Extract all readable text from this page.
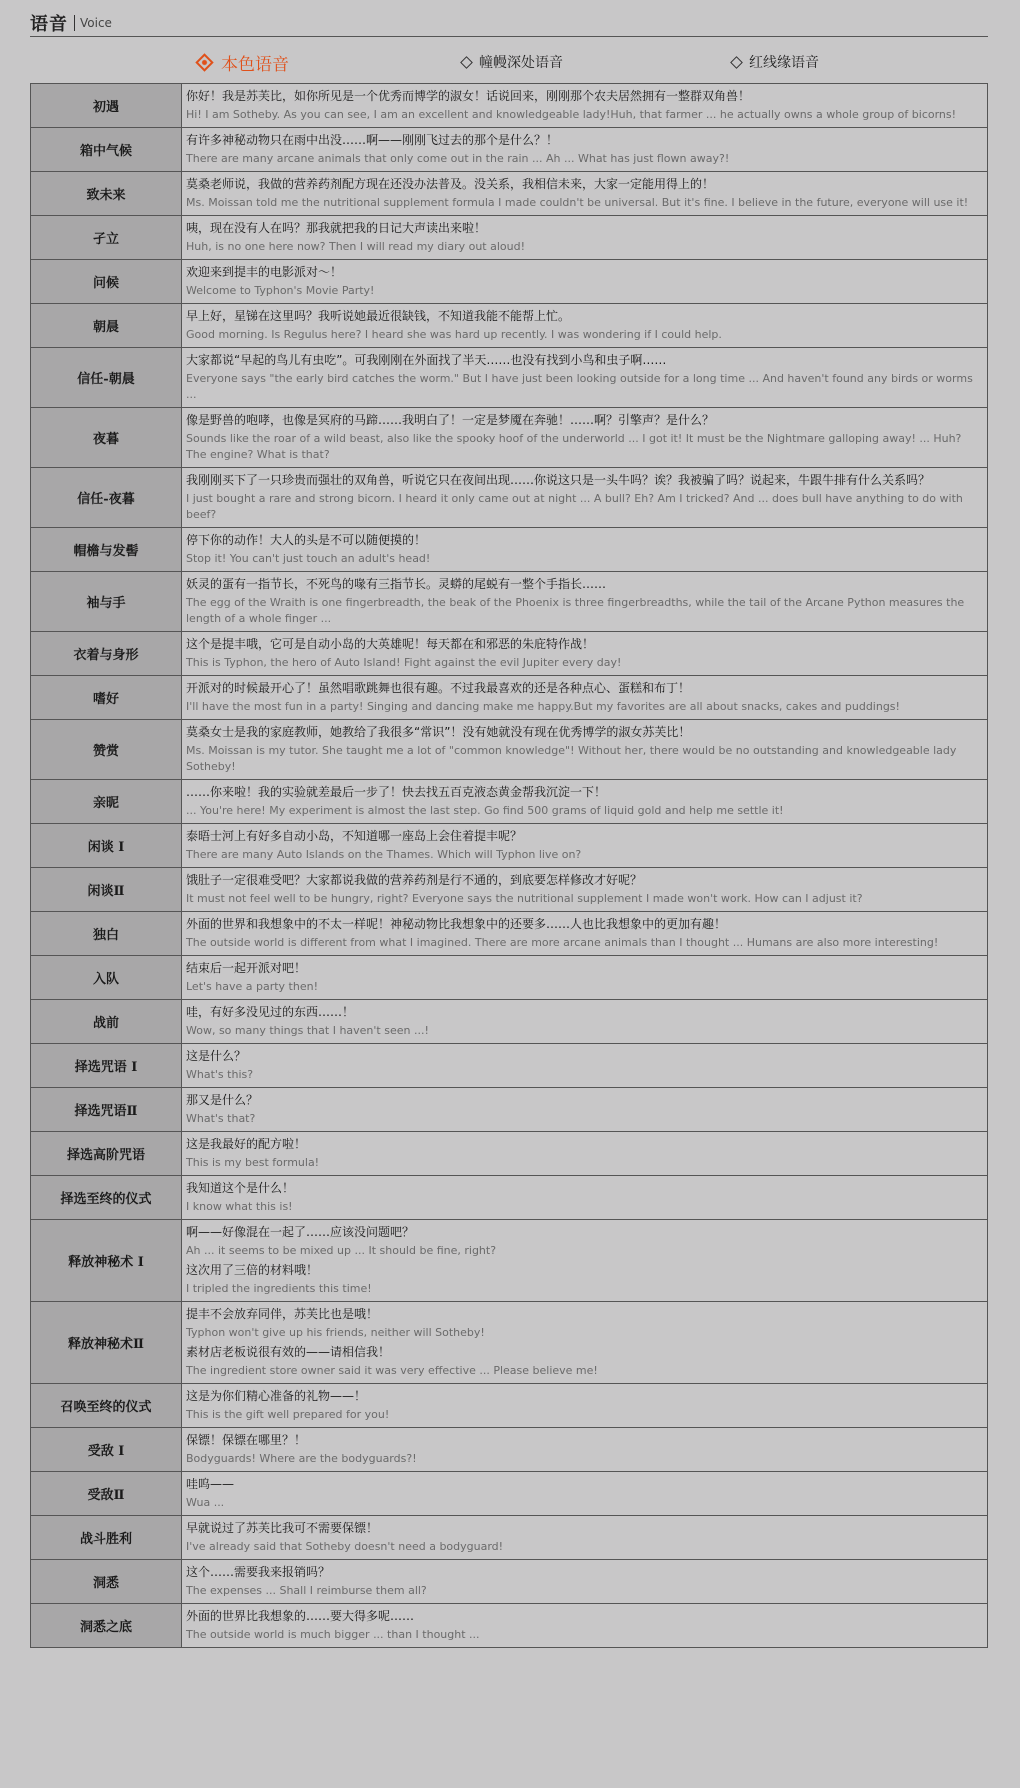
语音 Voice
本色语音	幢幔深处语音	红线缘语音
初遇	你好！我是苏芙比，如你所见是一个优秀而博学的淑女！话说回来，刚刚那个农夫居然拥有一整群双角兽！
Hi! I am Sotheby. As you can see, I am an excellent and knowledgeable lady!Huh, that farmer ... he actually owns a whole group of bicorns!

箱中气候	有许多神秘动物只在雨中出没……啊——刚刚飞过去的那个是什么？！
There are many arcane animals that only come out in the rain ... Ah ... What has just flown away?!

致未来	莫桑老师说，我做的营养药剂配方现在还没办法普及。没关系，我相信未来，大家一定能用得上的！
Ms. Moissan told me the nutritional supplement formula I made couldn't be universal. But it's fine. I believe in the future, everyone will use it!

孑立	咦，现在没有人在吗？那我就把我的日记大声读出来啦！
Huh, is no one here now? Then I will read my diary out aloud!

问候	欢迎来到提丰的电影派对～！
Welcome to Typhon's Movie Party!

朝晨	早上好，星锑在这里吗？我听说她最近很缺钱，不知道我能不能帮上忙。
Good morning. Is Regulus here? I heard she was hard up recently. I was wondering if I could help.

信任-朝晨	大家都说“早起的鸟儿有虫吃”。可我刚刚在外面找了半天……也没有找到小鸟和虫子啊……
Everyone says "the early bird catches the worm." But I have just been looking outside for a long time ... And haven't found any birds or worms ...

夜暮	像是野兽的咆哮，也像是冥府的马蹄……我明白了！一定是梦魇在奔驰！……啊？引擎声？是什么？
Sounds like the roar of a wild beast, also like the spooky hoof of the underworld ... I got it! It must be the Nightmare galloping away! ... Huh? The engine? What is that?

信任-夜暮	我刚刚买下了一只珍贵而强壮的双角兽，听说它只在夜间出现……你说这只是一头牛吗？诶？我被骗了吗？说起来，牛跟牛排有什么关系吗？
I just bought a rare and strong bicorn. I heard it only came out at night ... A bull? Eh? Am I tricked? And ... does bull have anything to do with beef?

帽檐与发髻	停下你的动作！大人的头是不可以随便摸的！
Stop it! You can't just touch an adult's head!

袖与手	妖灵的蛋有一指节长，不死鸟的喙有三指节长。灵蟒的尾蜕有一整个手指长……
The egg of the Wraith is one fingerbreadth, the beak of the Phoenix is three fingerbreadths, while the tail of the Arcane Python measures the length of a whole finger ...

衣着与身形	这个是提丰哦，它可是自动小岛的大英雄呢！每天都在和邪恶的朱庇特作战！
This is Typhon, the hero of Auto Island! Fight against the evil Jupiter every day!

嗜好	开派对的时候最开心了！虽然唱歌跳舞也很有趣。不过我最喜欢的还是各种点心、蛋糕和布丁！
I'll have the most fun in a party! Singing and dancing make me happy.But my favorites are all about snacks, cakes and puddings!

赞赏	莫桑女士是我的家庭教师，她教给了我很多“常识”！没有她就没有现在优秀博学的淑女苏芙比！
Ms. Moissan is my tutor. She taught me a lot of "common knowledge"! Without her, there would be no outstanding and knowledgeable lady Sotheby!

亲昵	……你来啦！我的实验就差最后一步了！快去找五百克液态黄金帮我沉淀一下！
... You're here! My experiment is almost the last step. Go find 500 grams of liquid gold and help me settle it!

闲谈 I	泰晤士河上有好多自动小岛，不知道哪一座岛上会住着提丰呢？
There are many Auto Islands on the Thames. Which will Typhon live on?

闲谈Ⅱ	饿肚子一定很难受吧？大家都说我做的营养药剂是行不通的，到底要怎样修改才好呢？
It must not feel well to be hungry, right? Everyone says the nutritional supplement I made won't work. How can I adjust it?

独白	外面的世界和我想象中的不太一样呢！神秘动物比我想象中的还要多……人也比我想象中的更加有趣！
The outside world is different from what I imagined. There are more arcane animals than I thought ... Humans are also more interesting!

入队	结束后一起开派对吧！
Let's have a party then!

战前	哇，有好多没见过的东西……！
Wow, so many things that I haven't seen ...!

择选咒语 I	这是什么？
What's this?

择选咒语Ⅱ	那又是什么？
What's that?

择选高阶咒语	这是我最好的配方啦！
This is my best formula!

择选至终的仪式	我知道这个是什么！
I know what this is!

释放神秘术 I	啊——好像混在一起了……应该没问题吧？
Ah ... it seems to be mixed up ... It should be fine, right?
这次用了三倍的材料哦！
I tripled the ingredients this time!

释放神秘术Ⅱ	提丰不会放弃同伴，苏芙比也是哦！
Typhon won't give up his friends, neither will Sotheby!
素材店老板说很有效的——请相信我！
The ingredient store owner said it was very effective ... Please believe me!

召唤至终的仪式	这是为你们精心准备的礼物——！
This is the gift well prepared for you!

受敌 I	保镖！保镖在哪里？！
Bodyguards! Where are the bodyguards?!

受敌Ⅱ	哇呜——
Wua ...

战斗胜利	早就说过了苏芙比我可不需要保镖！
I've already said that Sotheby doesn't need a bodyguard!

洞悉	这个……需要我来报销吗？
The expenses ... Shall I reimburse them all?

洞悉之底	外面的世界比我想象的……要大得多呢……
The outside world is much bigger ... than I thought ...
